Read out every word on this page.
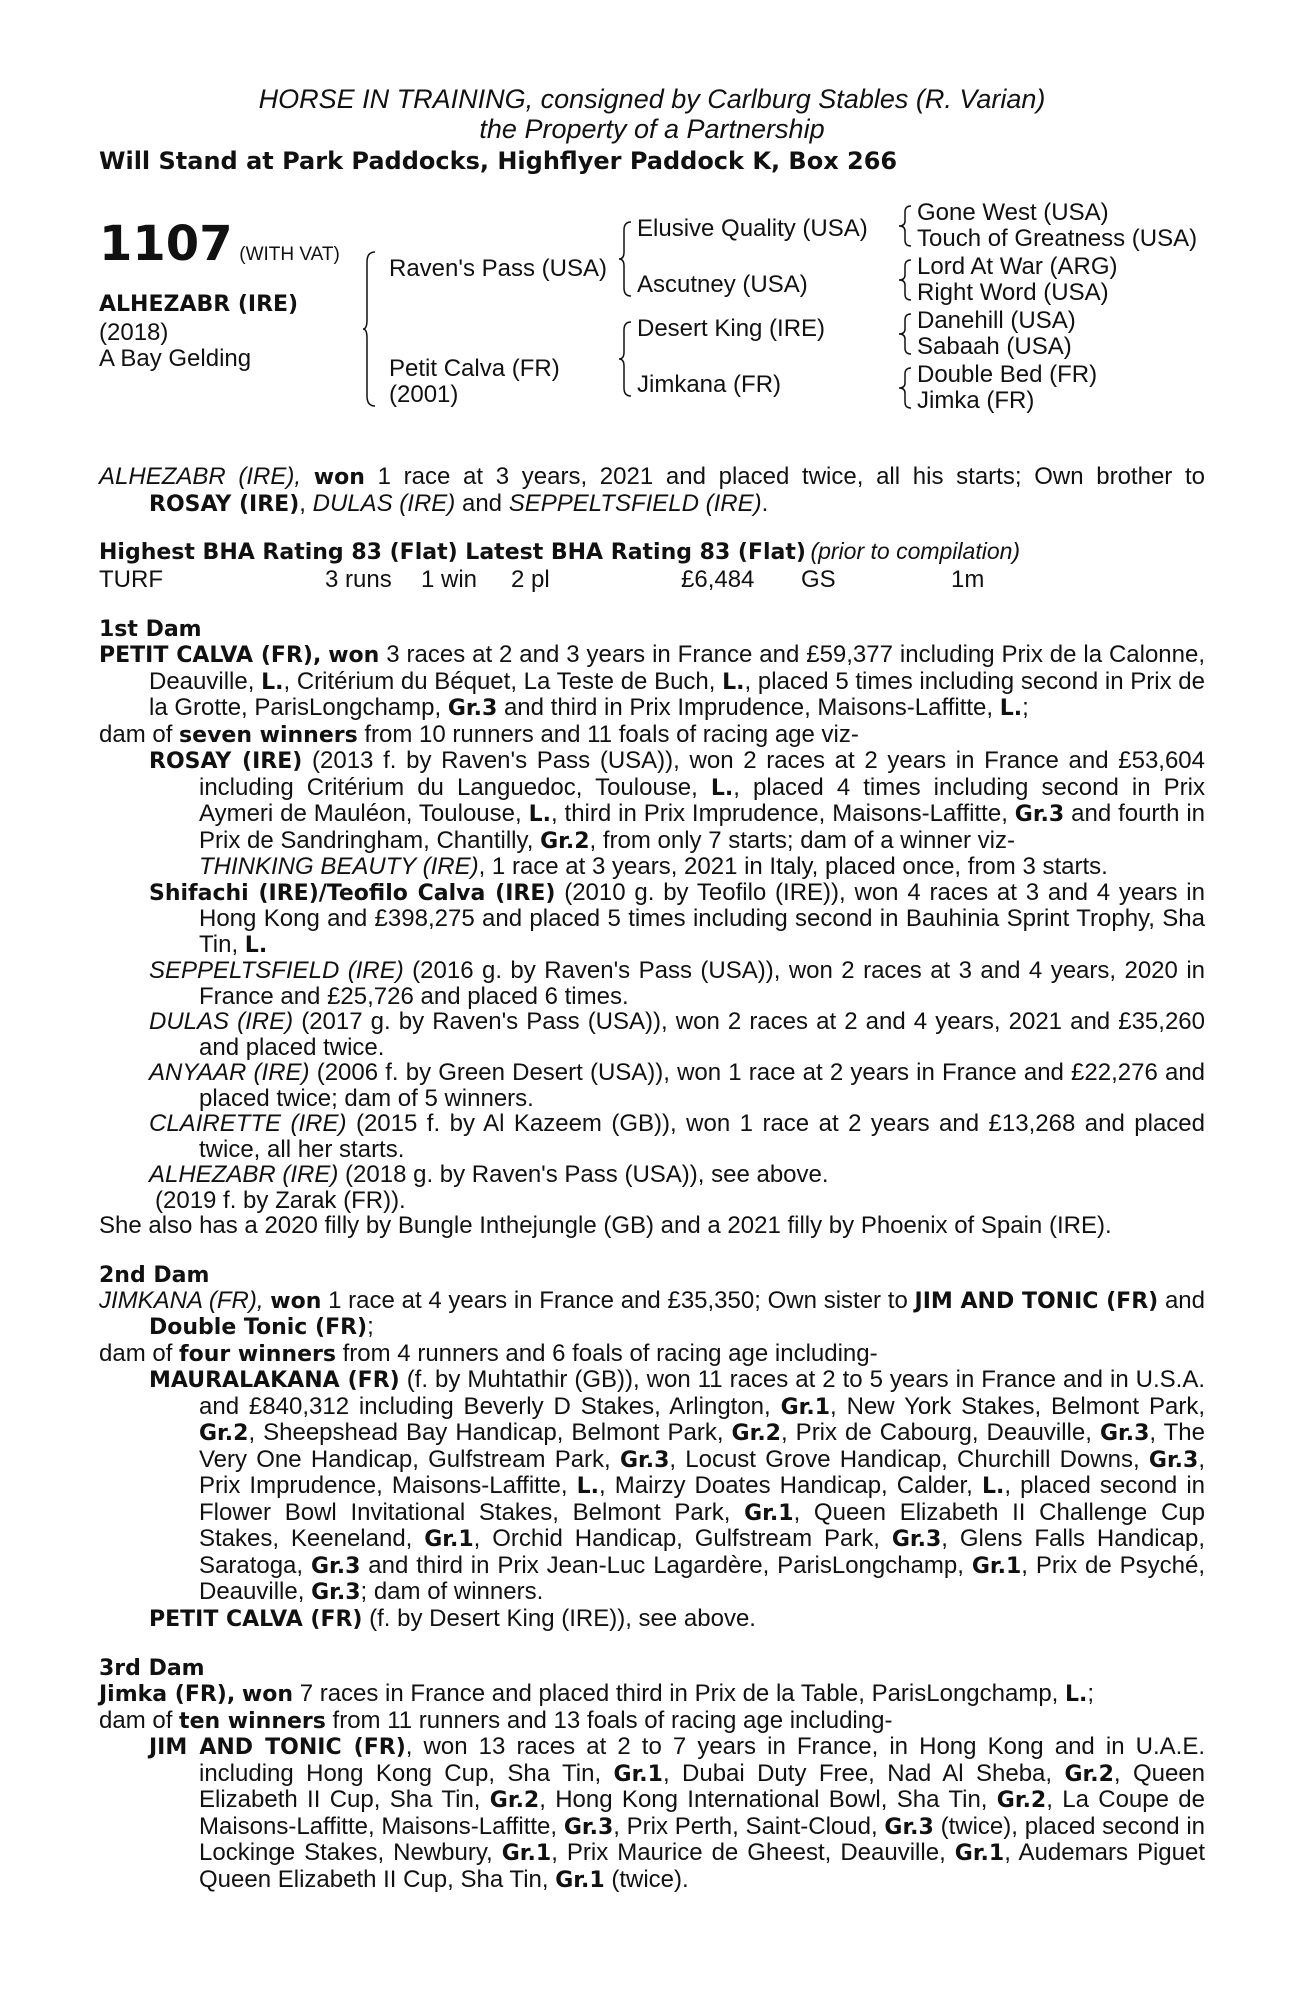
HORSE IN TRAINING, consigned by Carlburg Stables (R. Varian)
the Property of a Partnership
Will Stand at Park Paddocks, Highflyer Paddock K, Box 266
1107 (WITH VAT)
ALHEZABR (IRE)
(2018)
A Bay Gelding
Raven's Pass (USA)
Petit Calva (FR)
(2001)
Elusive Quality (USA)
Ascutney (USA)
Desert King (IRE)
Jimkana (FR)
Gone West (USA)
Touch of Greatness (USA)
Lord At War (ARG)
Right Word (USA)
Danehill (USA)
Sabaah (USA)
Double Bed (FR)
Jimka (FR)
ALHEZABR (IRE), won 1 race at 3 years, 2021 and placed twice, all his starts; Own brother to ROSAY (IRE), DULAS (IRE) and SEPPELTSFIELD (IRE).
Highest BHA Rating 83 (Flat) Latest BHA Rating 83 (Flat) (prior to compilation)
TURF	3 runs 1 win 2 pl	£6,484 GS	1m
1st Dam
PETIT CALVA (FR), won 3 races at 2 and 3 years in France and £59,377 including Prix de la Calonne, Deauville, L., Critérium du Béquet, La Teste de Buch, L., placed 5 times including second in Prix de la Grotte, ParisLongchamp, Gr.3 and third in Prix Imprudence, Maisons-Laffitte, L.;
dam of seven winners from 10 runners and 11 foals of racing age viz-
ROSAY (IRE) (2013 f. by Raven's Pass (USA)), won 2 races at 2 years in France and £53,604 including Critérium du Languedoc, Toulouse, L., placed 4 times including second in Prix Aymeri de Mauléon, Toulouse, L., third in Prix Imprudence, Maisons-Laffitte, Gr.3 and fourth in Prix de Sandringham, Chantilly, Gr.2, from only 7 starts; dam of a winner viz-
THINKING BEAUTY (IRE), 1 race at 3 years, 2021 in Italy, placed once, from 3 starts.
Shifachi (IRE)/Teofilo Calva (IRE) (2010 g. by Teofilo (IRE)), won 4 races at 3 and 4 years in Hong Kong and £398,275 and placed 5 times including second in Bauhinia Sprint Trophy, Sha Tin, L.
SEPPELTSFIELD (IRE) (2016 g. by Raven's Pass (USA)), won 2 races at 3 and 4 years, 2020 in France and £25,726 and placed 6 times.
DULAS (IRE) (2017 g. by Raven's Pass (USA)), won 2 races at 2 and 4 years, 2021 and £35,260 and placed twice.
ANYAAR (IRE) (2006 f. by Green Desert (USA)), won 1 race at 2 years in France and £22,276 and placed twice; dam of 5 winners.
CLAIRETTE (IRE) (2015 f. by Al Kazeem (GB)), won 1 race at 2 years and £13,268 and placed twice, all her starts.
ALHEZABR (IRE) (2018 g. by Raven's Pass (USA)), see above.
(2019 f. by Zarak (FR)).
She also has a 2020 filly by Bungle Inthejungle (GB) and a 2021 filly by Phoenix of Spain (IRE).
2nd Dam
JIMKANA (FR), won 1 race at 4 years in France and £35,350; Own sister to JIM AND TONIC (FR) and Double Tonic (FR);
dam of four winners from 4 runners and 6 foals of racing age including-
MAURALAKANA (FR) (f. by Muhtathir (GB)), won 11 races at 2 to 5 years in France and in U.S.A. and £840,312 including Beverly D Stakes, Arlington, Gr.1, New York Stakes, Belmont Park, Gr.2, Sheepshead Bay Handicap, Belmont Park, Gr.2, Prix de Cabourg, Deauville, Gr.3, The Very One Handicap, Gulfstream Park, Gr.3, Locust Grove Handicap, Churchill Downs, Gr.3, Prix Imprudence, Maisons-Laffitte, L., Mairzy Doates Handicap, Calder, L., placed second in Flower Bowl Invitational Stakes, Belmont Park, Gr.1, Queen Elizabeth II Challenge Cup Stakes, Keeneland, Gr.1, Orchid Handicap, Gulfstream Park, Gr.3, Glens Falls Handicap, Saratoga, Gr.3 and third in Prix Jean-Luc Lagardère, ParisLongchamp, Gr.1, Prix de Psyché, Deauville, Gr.3; dam of winners.
PETIT CALVA (FR) (f. by Desert King (IRE)), see above.
3rd Dam
Jimka (FR), won 7 races in France and placed third in Prix de la Table, ParisLongchamp, L.;
dam of ten winners from 11 runners and 13 foals of racing age including-
JIM AND TONIC (FR), won 13 races at 2 to 7 years in France, in Hong Kong and in U.A.E. including Hong Kong Cup, Sha Tin, Gr.1, Dubai Duty Free, Nad Al Sheba, Gr.2, Queen Elizabeth II Cup, Sha Tin, Gr.2, Hong Kong International Bowl, Sha Tin, Gr.2, La Coupe de Maisons-Laffitte, Maisons-Laffitte, Gr.3, Prix Perth, Saint-Cloud, Gr.3 (twice), placed second in Lockinge Stakes, Newbury, Gr.1, Prix Maurice de Gheest, Deauville, Gr.1, Audemars Piguet Queen Elizabeth II Cup, Sha Tin, Gr.1 (twice).
